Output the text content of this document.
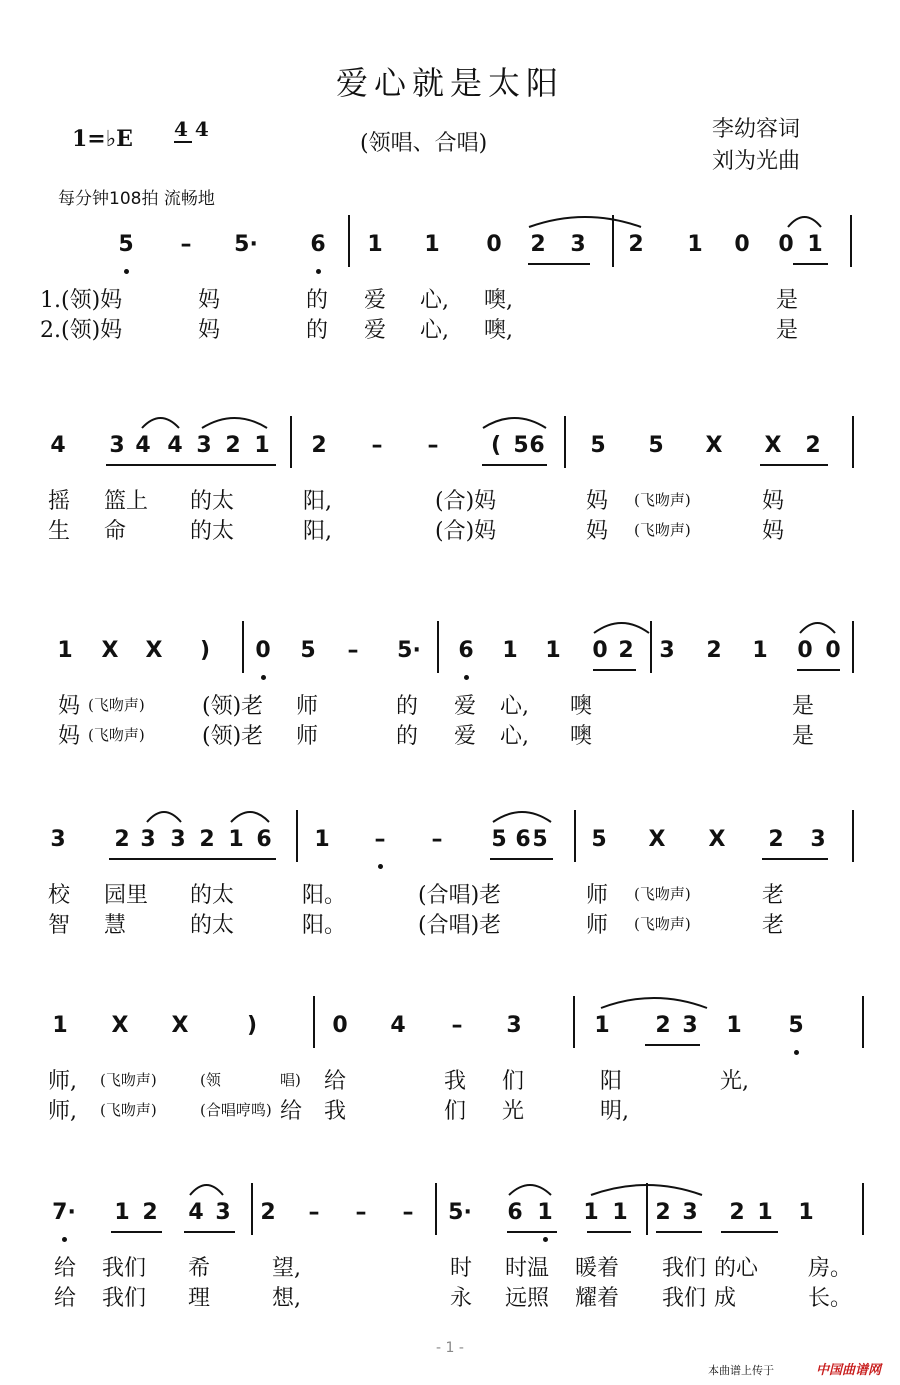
爱心就是太阳
1=♭E 4 4
(领唱、合唱)
李幼容词
刘为光曲
每分钟108拍 流畅地
5 – 5· 6 1 1 0 2 3 2 1 0 0 1
1.(领)妈	妈	的 爱 心, 噢,	是
2.(领)妈	妈	的 爱 心, 噢,	是
4 3 4 4 3 2 1 2 – – ( 5 6 5 5 X X 2
摇 篮上 的太	阳,	(合)妈	妈 (飞吻声)	妈
生 命	的太	阳,	(合)妈	妈 (飞吻声)	妈
1 X X ) 0 5 – 5· 6 1 1 0 2 3 2 1 0 0
妈 (飞吻声)	(领)老 师	的 爱 心, 噢	是
妈 (飞吻声)	(领)老 师	的 爱 心, 噢	是
3 2 3 3 2 1 6 1 – – 5 6 5 5 X X 2 3
校 园里 的太	阳。	(合唱)老	师 (飞吻声)	老
智 慧	的太	阳。	(合唱)老	师 (飞吻声)	老
1 X X	)	0 4 – 3	1 2 3 1 5
师, (飞吻声)	(领	唱) 给	我 们	阳	光,
师, (飞吻声)	(合唱哼鸣) 给 我	们 光	明,
7· 1 2 4 3 2 – – – 5· 6 1 1 1 2 3 2 1 1
给 我们 希	望,	时 时温 暖着 我们 的心 房。
给 我们 理	想,	永 远照 耀着 我们 成	长。
- 1 -
本曲谱上传于	中国曲谱网
